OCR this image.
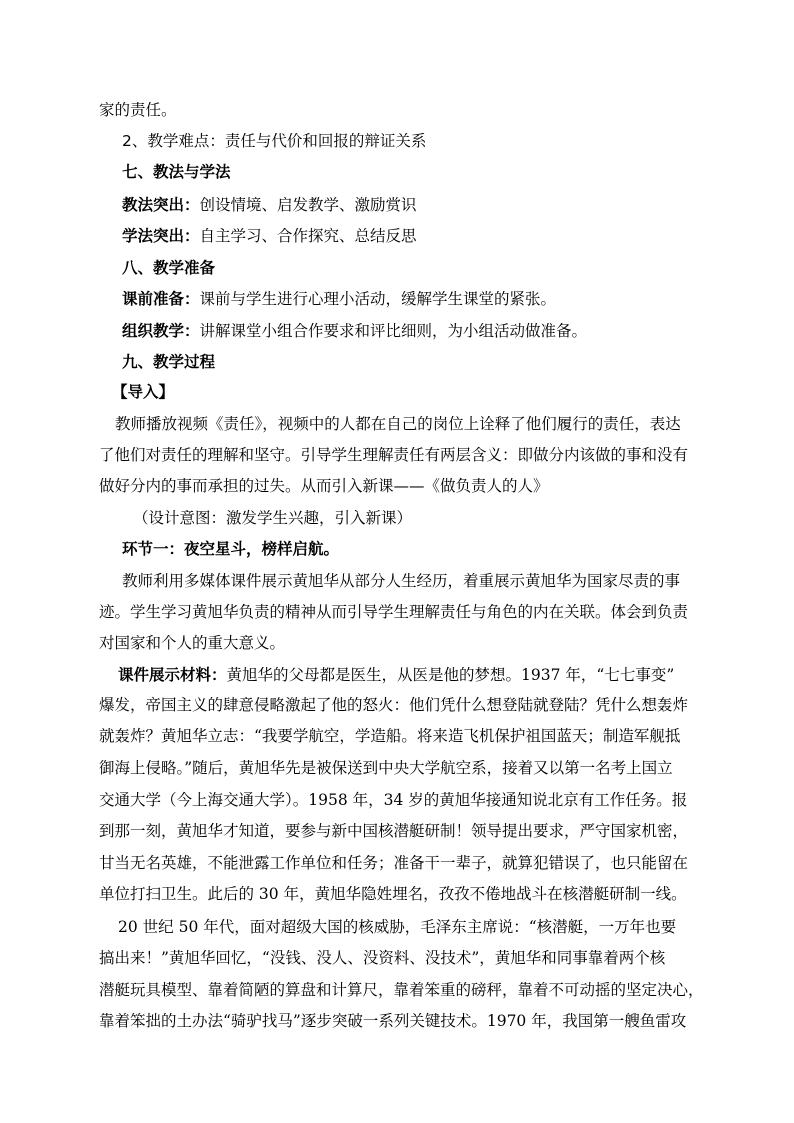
家的责任。
2、教学难点：责任与代价和回报的辩证关系
七、教法与学法
教法突出：创设情境、启发教学、激励赏识
学法突出：自主学习、合作探究、总结反思
八、教学准备
课前准备：课前与学生进行心理小活动，缓解学生课堂的紧张。
组织教学：讲解课堂小组合作要求和评比细则，为小组活动做准备。
九、教学过程
【导入】
教师播放视频《责任》，视频中的人都在自己的岗位上诠释了他们履行的责任，表达
了他们对责任的理解和坚守。引导学生理解责任有两层含义：即做分内该做的事和没有
做好分内的事而承担的过失。从而引入新课——《做负责人的人》
（设计意图：激发学生兴趣，引入新课）
环节一：夜空星斗，榜样启航。
教师利用多媒体课件展示黄旭华从部分人生经历，着重展示黄旭华为国家尽责的事
迹。学生学习黄旭华负责的精神从而引导学生理解责任与角色的内在关联。体会到负责
对国家和个人的重大意义。
课件展示材料：黄旭华的父母都是医生，从医是他的梦想。1937 年，“七七事变”
爆发，帝国主义的肆意侵略激起了他的怒火：他们凭什么想登陆就登陆？凭什么想轰炸
就轰炸？黄旭华立志：“我要学航空，学造船。将来造飞机保护祖国蓝天；制造军舰抵
御海上侵略。”随后，黄旭华先是被保送到中央大学航空系，接着又以第一名考上国立
交通大学（今上海交通大学）。1958 年，34 岁的黄旭华接通知说北京有工作任务。报
到那一刻，黄旭华才知道，要参与新中国核潜艇研制！领导提出要求，严守国家机密，
甘当无名英雄，不能泄露工作单位和任务；准备干一辈子，就算犯错误了，也只能留在
单位打扫卫生。此后的 30 年，黄旭华隐姓埋名，孜孜不倦地战斗在核潜艇研制一线。
20 世纪 50 年代，面对超级大国的核威胁，毛泽东主席说：“核潜艇，一万年也要
搞出来！”黄旭华回忆，“没钱、没人、没资料、没技术”，黄旭华和同事靠着两个核
潜艇玩具模型、靠着简陋的算盘和计算尺，靠着笨重的磅秤，靠着不可动摇的坚定决心，
靠着笨拙的土办法“骑驴找马”逐步突破一系列关键技术。1970 年，我国第一艘鱼雷攻
